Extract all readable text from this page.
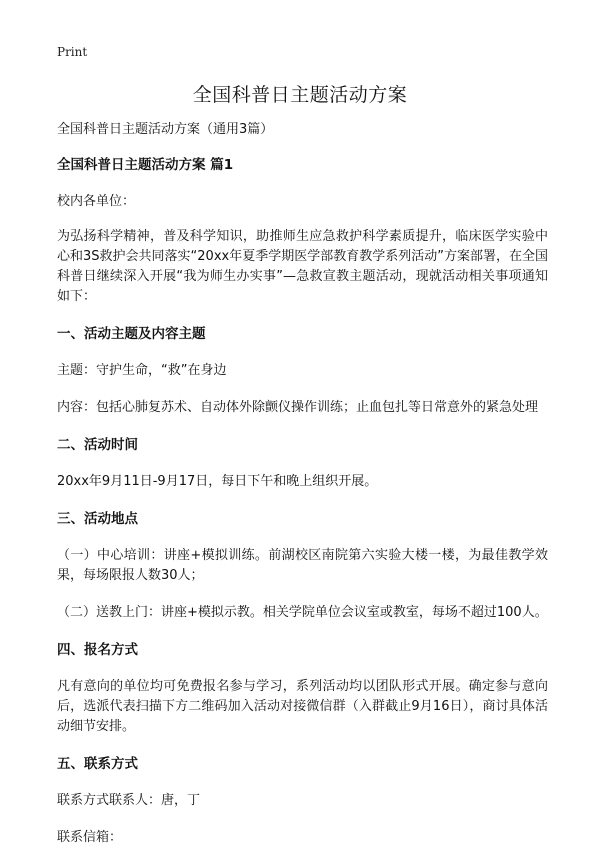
Print
全国科普日主题活动方案

全国科普日主题活动方案（通用3篇）

全国科普日主题活动方案 篇1

校内各单位：

为弘扬科学精神，普及科学知识，助推师生应急救护科学素质提升，临床医学实验中心和3S救护会共同落实“20xx年夏季学期医学部教育教学系列活动”方案部署，在全国科普日继续深入开展“我为师生办实事”—急救宣教主题活动，现就活动相关事项通知如下：

一、活动主题及内容主题

主题：守护生命，“救”在身边

内容：包括心肺复苏术、自动体外除颤仪操作训练；止血包扎等日常意外的紧急处理

二、活动时间

20xx年9月11日-9月17日，每日下午和晚上组织开展。

三、活动地点

（一）中心培训：讲座+模拟训练。前湖校区南院第六实验大楼一楼，为最佳教学效果，每场限报人数30人；

（二）送教上门：讲座+模拟示教。相关学院单位会议室或教室，每场不超过100人。

四、报名方式

凡有意向的单位均可免费报名参与学习，系列活动均以团队形式开展。确定参与意向后，选派代表扫描下方二维码加入活动对接微信群（入群截止9月16日），商讨具体活动细节安排。

五、联系方式

联系方式联系人：唐，丁

联系信箱：
